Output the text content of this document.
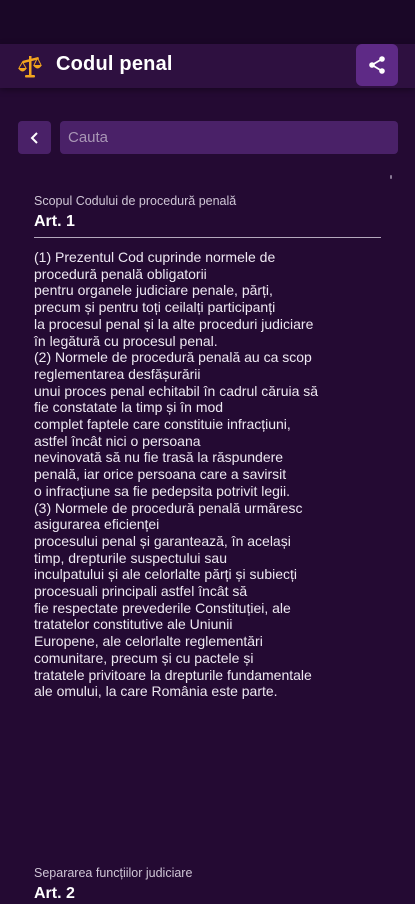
Codul penal
Cauta
Scopul Codului de procedură penală
Art. 1
(1) Prezentul Cod cuprinde normele de
procedură penală obligatorii
pentru organele judiciare penale, părți,
precum și pentru toți ceilalți participanți
la procesul penal și la alte proceduri judiciare
în legătură cu procesul penal.
(2) Normele de procedură penală au ca scop
reglementarea desfășurării
unui proces penal echitabil în cadrul căruia să
fie constatate la timp și în mod
complet faptele care constituie infracțiuni,
astfel încât nici o persoana
nevinovată să nu fie trasă la răspundere
penală, iar orice persoana care a savirsit
o infracțiune sa fie pedepsita potrivit legii.
(3) Normele de procedură penală urmăresc
asigurarea eficienței
procesului penal și garantează, în același
timp, drepturile suspectului sau
inculpatului și ale celorlalte părți și subiecți
procesuali principali astfel încât să
fie respectate prevederile Constituției, ale
tratatelor constitutive ale Uniunii
Europene, ale celorlalte reglementări
comunitare, precum și cu pactele și
tratatele privitoare la drepturile fundamentale
ale omului, la care România este parte.
Separarea funcțiilor judiciare
Art. 2
